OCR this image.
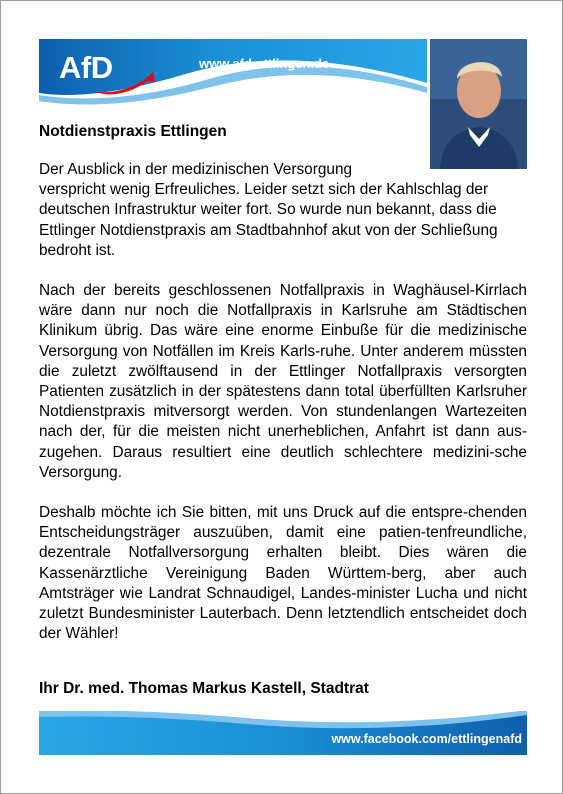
AfD	www.afd-ettlingen.de
Notdienstpraxis Ettlingen

Der Ausblick in der medizinischen Versorgung
verspricht wenig Erfreuliches. Leider setzt sich der Kahlschlag der deutschen Infrastruktur weiter fort. So wurde nun bekannt, dass die Ettlinger Notdienstpraxis am Stadtbahnhof akut von der Schließung bedroht ist.

Nach der bereits geschlossenen Notfallpraxis in Waghäusel-Kirrlach wäre dann nur noch die Notfallpraxis in Karlsruhe am Städtischen Klinikum übrig. Das wäre eine enorme Einbuße für die medizinische Versorgung von Notfällen im Kreis Karls-ruhe. Unter anderem müssten die zuletzt zwölftausend in der Ettlinger Notfallpraxis versorgten Patienten zusätzlich in der spätestens dann total überfüllten Karlsruher Notdienstpraxis mitversorgt werden. Von stundenlangen Wartezeiten nach der, für die meisten nicht unerheblichen, Anfahrt ist dann aus-zugehen. Daraus resultiert eine deutlich schlechtere medizini-sche Versorgung.

Deshalb möchte ich Sie bitten, mit uns Druck auf die entspre-chenden Entscheidungsträger auszuüben, damit eine patien-tenfreundliche, dezentrale Notfallversorgung erhalten bleibt. Dies wären die Kassenärztliche Vereinigung Baden Württem-berg, aber auch Amtsträger wie Landrat Schnaudigel, Landes-minister Lucha und nicht zuletzt Bundesminister Lauterbach. Denn letztendlich entscheidet doch der Wähler!

Ihr Dr. med. Thomas Markus Kastell, Stadtrat

www.facebook.com/ettlingenafd
